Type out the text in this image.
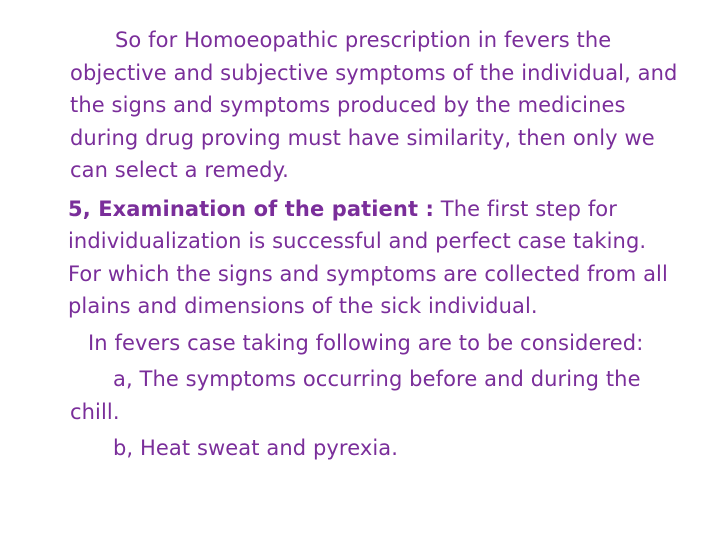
So for Homoeopathic prescription in fevers the objective and subjective symptoms of the individual, and the signs and symptoms produced by the medicines during drug proving must have similarity, then only we can select a remedy.

5, Examination of the patient : The first step for individualization is successful and perfect case taking. For which the signs and symptoms are collected from all plains and dimensions of the sick individual.

In fevers case taking following are to be considered:

a, The symptoms occurring before and during the chill.

b, Heat sweat and pyrexia.
